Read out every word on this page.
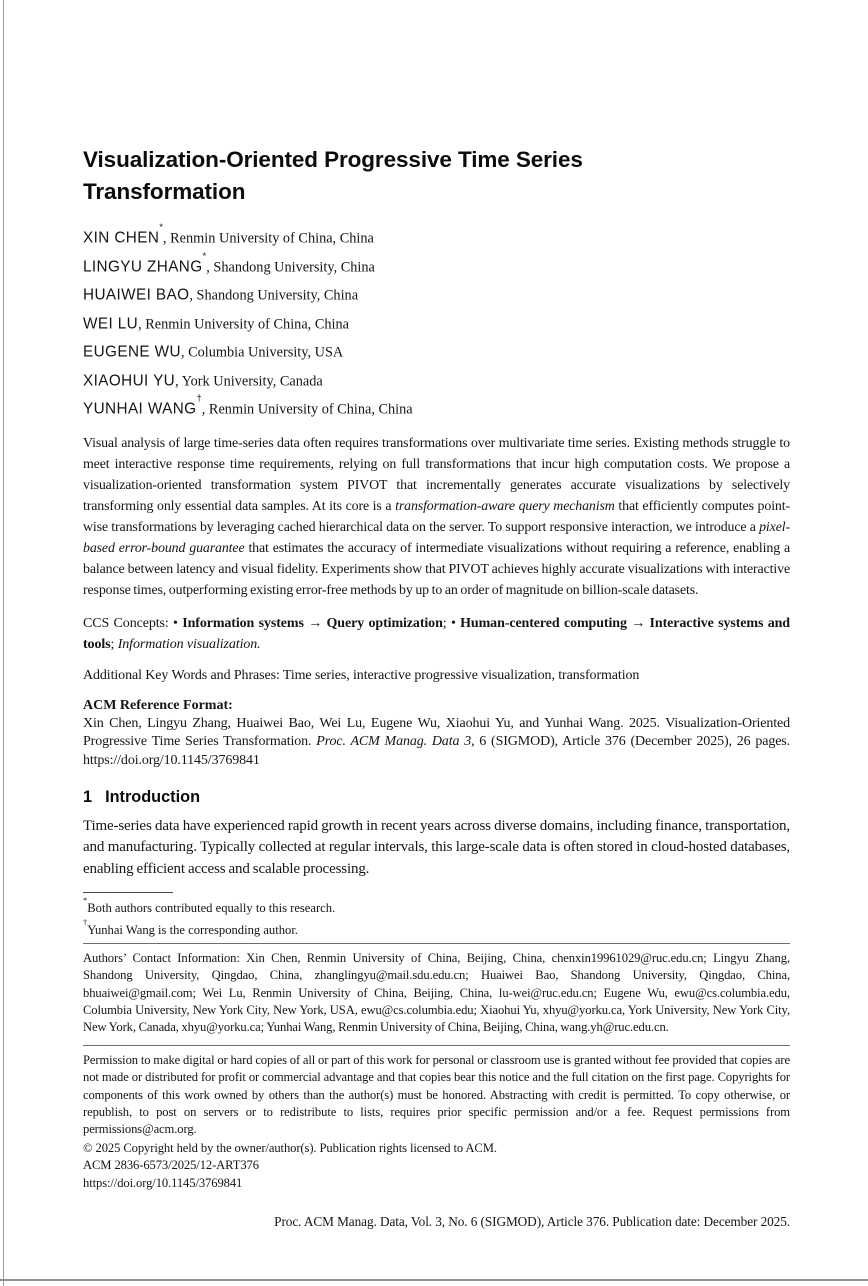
Visualization-Oriented Progressive Time Series
Transformation
XIN CHEN*, Renmin University of China, China
LINGYU ZHANG*, Shandong University, China
HUAIWEI BAO, Shandong University, China
WEI LU, Renmin University of China, China
EUGENE WU, Columbia University, USA
XIAOHUI YU, York University, Canada
YUNHAI WANG†, Renmin University of China, China

Visual analysis of large time-series data often requires transformations over multivariate time series. Existing methods struggle to meet interactive response time requirements, relying on full transformations that incur high computation costs. We propose a visualization-oriented transformation system PIVOT that incrementally generates accurate visualizations by selectively transforming only essential data samples. At its core is a transformation-aware query mechanism that efficiently computes point-wise transformations by leveraging cached hierarchical data on the server. To support responsive interaction, we introduce a pixel-based error-bound guarantee that estimates the accuracy of intermediate visualizations without requiring a reference, enabling a balance between latency and visual fidelity. Experiments show that PIVOT achieves highly accurate visualizations with interactive response times, outperforming existing error-free methods by up to an order of magnitude on billion-scale datasets.

CCS Concepts: • Information systems → Query optimization; • Human-centered computing → Interactive systems and tools; Information visualization.

Additional Key Words and Phrases: Time series, interactive progressive visualization, transformation

ACM Reference Format:

Xin Chen, Lingyu Zhang, Huaiwei Bao, Wei Lu, Eugene Wu, Xiaohui Yu, and Yunhai Wang. 2025. Visualization-Oriented Progressive Time Series Transformation. Proc. ACM Manag. Data 3, 6 (SIGMOD), Article 376 (December 2025), 26 pages. https://doi.org/10.1145/3769841

1 Introduction

Time-series data have experienced rapid growth in recent years across diverse domains, including finance, transportation, and manufacturing. Typically collected at regular intervals, this large-scale data is often stored in cloud-hosted databases, enabling efficient access and scalable processing.

*Both authors contributed equally to this research.
†Yunhai Wang is the corresponding author.

Authors’ Contact Information: Xin Chen, Renmin University of China, Beijing, China, chenxin19961029@ruc.edu.cn; Lingyu Zhang, Shandong University, Qingdao, China, zhanglingyu@mail.sdu.edu.cn; Huaiwei Bao, Shandong University, Qingdao, China, bhuaiwei@gmail.com; Wei Lu, Renmin University of China, Beijing, China, lu-wei@ruc.edu.cn; Eugene Wu, ewu@cs.columbia.edu, Columbia University, New York City, New York, USA, ewu@cs.columbia.edu; Xiaohui Yu, xhyu@yorku.ca, York University, New York City, New York, Canada, xhyu@yorku.ca; Yunhai Wang, Renmin University of China, Beijing, China, wang.yh@ruc.edu.cn.

Permission to make digital or hard copies of all or part of this work for personal or classroom use is granted without fee provided that copies are not made or distributed for profit or commercial advantage and that copies bear this notice and the full citation on the first page. Copyrights for components of this work owned by others than the author(s) must be honored. Abstracting with credit is permitted. To copy otherwise, or republish, to post on servers or to redistribute to lists, requires prior specific permission and/or a fee. Request permissions from permissions@acm.org.

© 2025 Copyright held by the owner/author(s). Publication rights licensed to ACM.
ACM 2836-6573/2025/12-ART376
https://doi.org/10.1145/3769841
Proc. ACM Manag. Data, Vol. 3, No. 6 (SIGMOD), Article 376. Publication date: December 2025.
